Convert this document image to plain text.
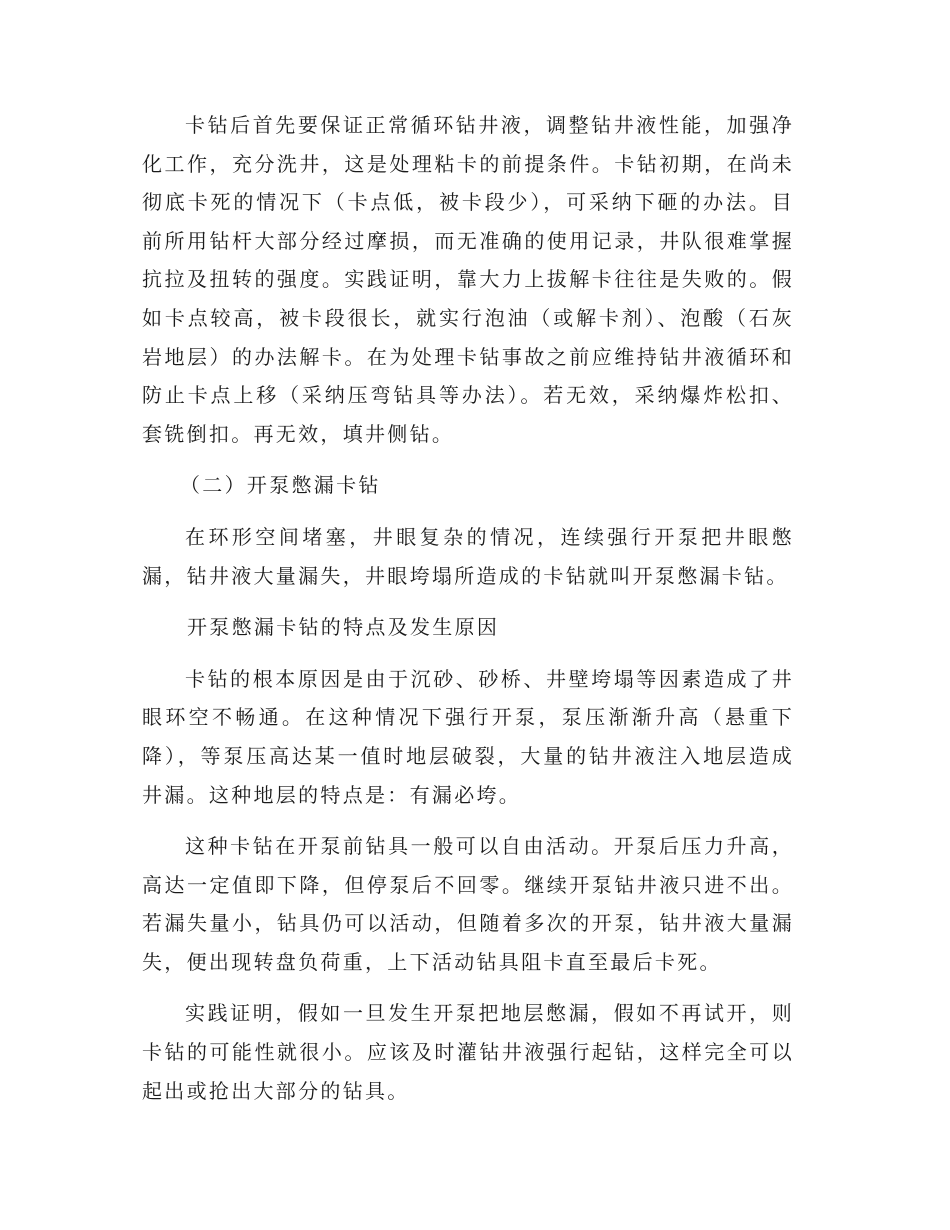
卡钻后首先要保证正常循环钻井液，调整钻井液性能，加强净化工作，充分洗井，这是处理粘卡的前提条件。卡钻初期，在尚未彻底卡死的情况下（卡点低，被卡段少），可采纳下砸的办法。目前所用钻杆大部分经过摩损，而无准确的使用记录，井队很难掌握抗拉及扭转的强度。实践证明，靠大力上拔解卡往往是失败的。假如卡点较高，被卡段很长，就实行泡油（或解卡剂）、泡酸（石灰岩地层）的办法解卡。在为处理卡钻事故之前应维持钻井液循环和防止卡点上移（采纳压弯钻具等办法）。若无效，采纳爆炸松扣、套铣倒扣。再无效，填井侧钻。

（二）开泵憋漏卡钻

在环形空间堵塞，井眼复杂的情况，连续强行开泵把井眼憋漏，钻井液大量漏失，井眼垮塌所造成的卡钻就叫开泵憋漏卡钻。

开泵憋漏卡钻的特点及发生原因

卡钻的根本原因是由于沉砂、砂桥、井壁垮塌等因素造成了井眼环空不畅通。在这种情况下强行开泵，泵压渐渐升高（悬重下降），等泵压高达某一值时地层破裂，大量的钻井液注入地层造成井漏。这种地层的特点是：有漏必垮。

这种卡钻在开泵前钻具一般可以自由活动。开泵后压力升高，高达一定值即下降，但停泵后不回零。继续开泵钻井液只进不出。若漏失量小，钻具仍可以活动，但随着多次的开泵，钻井液大量漏失，便出现转盘负荷重，上下活动钻具阻卡直至最后卡死。

实践证明，假如一旦发生开泵把地层憋漏，假如不再试开，则卡钻的可能性就很小。应该及时灌钻井液强行起钻，这样完全可以起出或抢出大部分的钻具。
